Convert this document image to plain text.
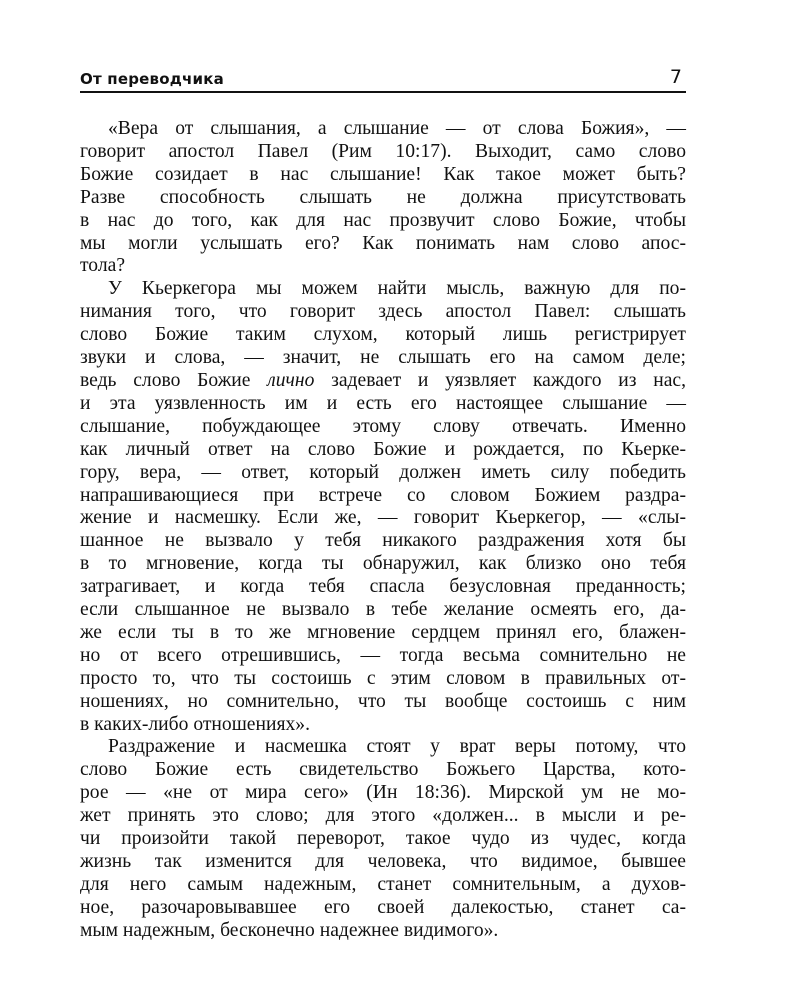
От переводчика	7

«Вера от слышания, а слышание — от слова Божия», —
говорит апостол Павел (Рим 10:17). Выходит, само слово
Божие созидает в нас слышание! Как такое может быть?
Разве способность слышать не должна присутствовать
в нас до того, как для нас прозвучит слово Божие, чтобы
мы могли услышать его? Как понимать нам слово апос-
тола?

У Кьеркегора мы можем найти мысль, важную для по-
нимания того, что говорит здесь апостол Павел: слышать
слово Божие таким слухом, который лишь регистрирует
звуки и слова, — значит, не слышать его на самом деле;
ведь слово Божие лично задевает и уязвляет каждого из нас,
и эта уязвленность им и есть его настоящее слышание —
слышание, побуждающее этому слову отвечать. Именно
как личный ответ на слово Божие и рождается, по Кьерке-
гору, вера, — ответ, который должен иметь силу победить
напрашивающиеся при встрече со словом Божием раздра-
жение и насмешку. Если же, — говорит Кьеркегор, — «слы-
шанное не вызвало у тебя никакого раздражения хотя бы
в то мгновение, когда ты обнаружил, как близко оно тебя
затрагивает, и когда тебя спасла безусловная преданность;
если слышанное не вызвало в тебе желание осмеять его, да-
же если ты в то же мгновение сердцем принял его, блажен-
но от всего отрешившись, — тогда весьма сомнительно не
просто то, что ты состоишь с этим словом в правильных от-
ношениях, но сомнительно, что ты вообще состоишь с ним
в каких-либо отношениях».

Раздражение и насмешка стоят у врат веры потому, что
слово Божие есть свидетельство Божьего Царства, кото-
рое — «не от мира сего» (Ин 18:36). Мирской ум не мо-
жет принять это слово; для этого «должен... в мысли и ре-
чи произойти такой переворот, такое чудо из чудес, когда
жизнь так изменится для человека, что видимое, бывшее
для него самым надежным, станет сомнительным, а духов-
ное, разочаровывавшее его своей далекостью, станет са-
мым надежным, бесконечно надежнее видимого».
